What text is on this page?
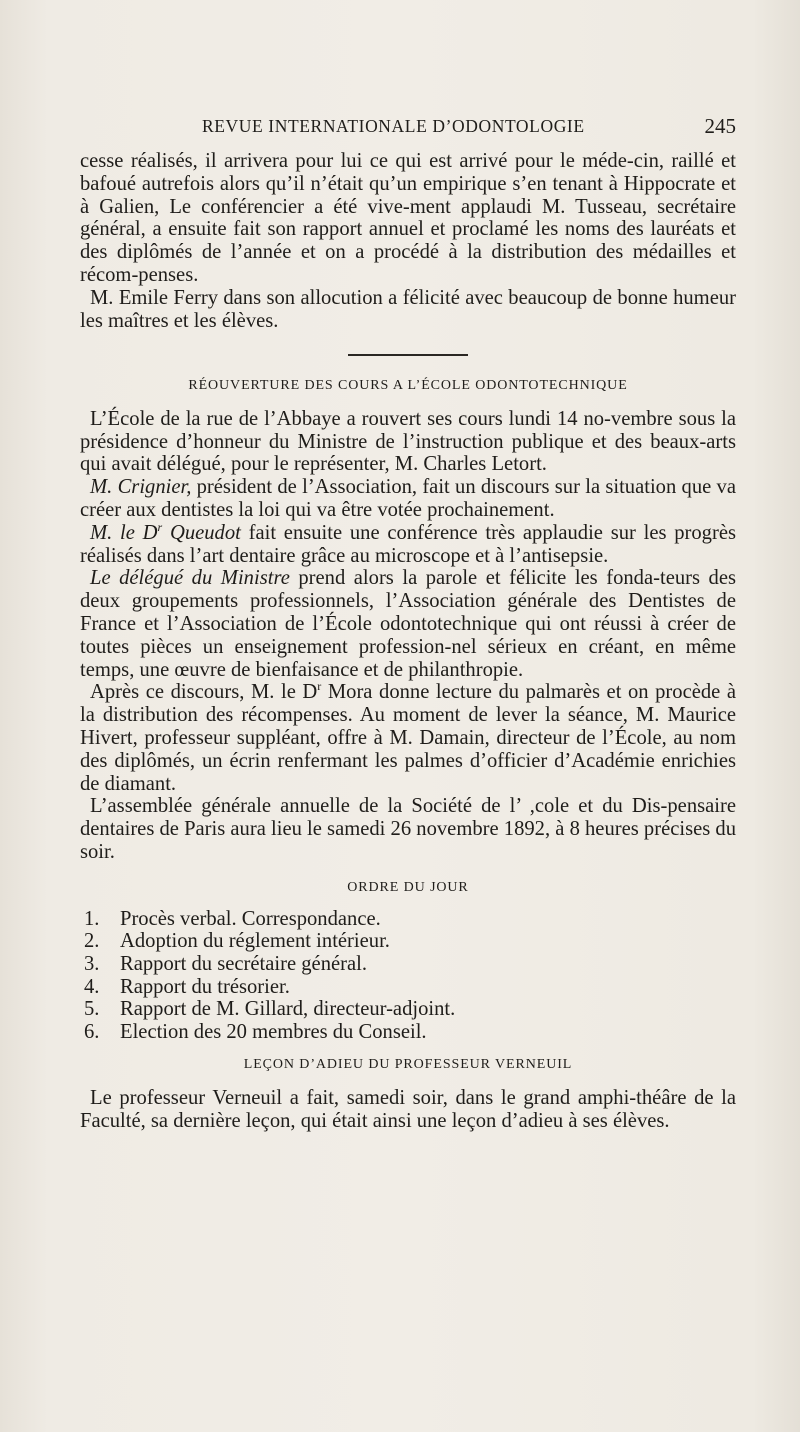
REVUE INTERNATIONALE D’ODONTOLOGIE	245

cesse réalisés, il arrivera pour lui ce qui est arrivé pour le méde-cin, raillé et bafoué autrefois alors qu’il n’était qu’un empirique s’en tenant à Hippocrate et à Galien, Le conférencier a été vive-ment applaudi M. Tusseau, secrétaire général, a ensuite fait son rapport annuel et proclamé les noms des lauréats et des diplômés de l’année et on a procédé à la distribution des médailles et récom-penses.

M. Emile Ferry dans son allocution a félicité avec beaucoup de bonne humeur les maîtres et les élèves.

RÉOUVERTURE DES COURS A L’ÉCOLE ODONTOTECHNIQUE

L’École de la rue de l’Abbaye a rouvert ses cours lundi 14 no-vembre sous la présidence d’honneur du Ministre de l’instruction publique et des beaux-arts qui avait délégué, pour le représenter, M. Charles Letort.

M. Crignier, président de l’Association, fait un discours sur la situation que va créer aux dentistes la loi qui va être votée prochainement.

M. le $D^r$ Queudot fait ensuite une conférence très applaudie sur les progrès réalisés dans l’art dentaire grâce au microscope et à l’antisepsie.

Le délégué du Ministre prend alors la parole et félicite les fonda-teurs des deux groupements professionnels, l’Association générale des Dentistes de France et l’Association de l’École odontotechnique qui ont réussi à créer de toutes pièces un enseignement profession-nel sérieux en créant, en même temps, une œuvre de bienfaisance et de philanthropie.

Après ce discours, M. le $D^r$ Mora donne lecture du palmarès et on procède à la distribution des récompenses. Au moment de lever la séance, M. Maurice Hivert, professeur suppléant, offre à M. Damain, directeur de l’École, au nom des diplômés, un écrin renfermant les palmes d’officier d’Académie enrichies de diamant.

L’assemblée générale annuelle de la Société de l’ ,cole et du Dis-pensaire dentaires de Paris aura lieu le samedi 26 novembre 1892, à 8 heures précises du soir.

ORDRE DU JOUR
1. Procès verbal. Correspondance.
2. Adoption du réglement intérieur.
3. Rapport du secrétaire général.
4. Rapport du trésorier.
5. Rapport de M. Gillard, directeur-adjoint.
6. Election des 20 membres du Conseil.
LEÇON D’ADIEU DU PROFESSEUR VERNEUIL

Le professeur Verneuil a fait, samedi soir, dans le grand amphi-théâre de la Faculté, sa dernière leçon, qui était ainsi une leçon d’adieu à ses élèves.
